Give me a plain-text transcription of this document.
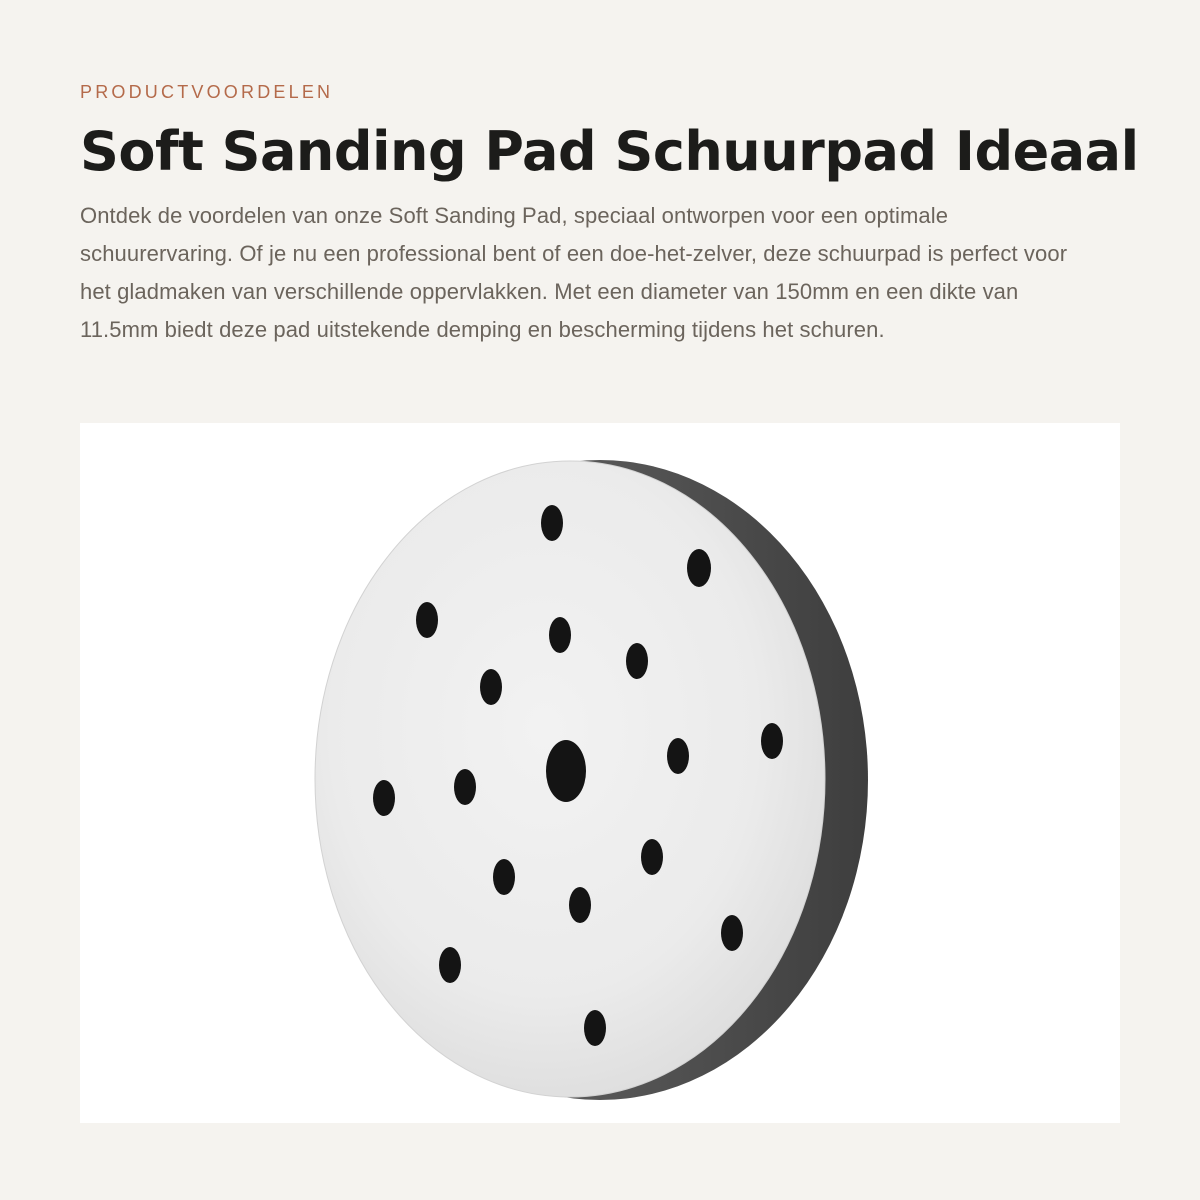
PRODUCTVOORDELEN

Soft Sanding Pad Schuurpad Ideaal

Ontdek de voordelen van onze Soft Sanding Pad, speciaal ontworpen voor een optimale schuurervaring. Of je nu een professional bent of een doe-het-zelver, deze schuurpad is perfect voor het gladmaken van verschillende oppervlakken. Met een diameter van 150mm en een dikte van 11.5mm biedt deze pad uitstekende demping en bescherming tijdens het schuren.
